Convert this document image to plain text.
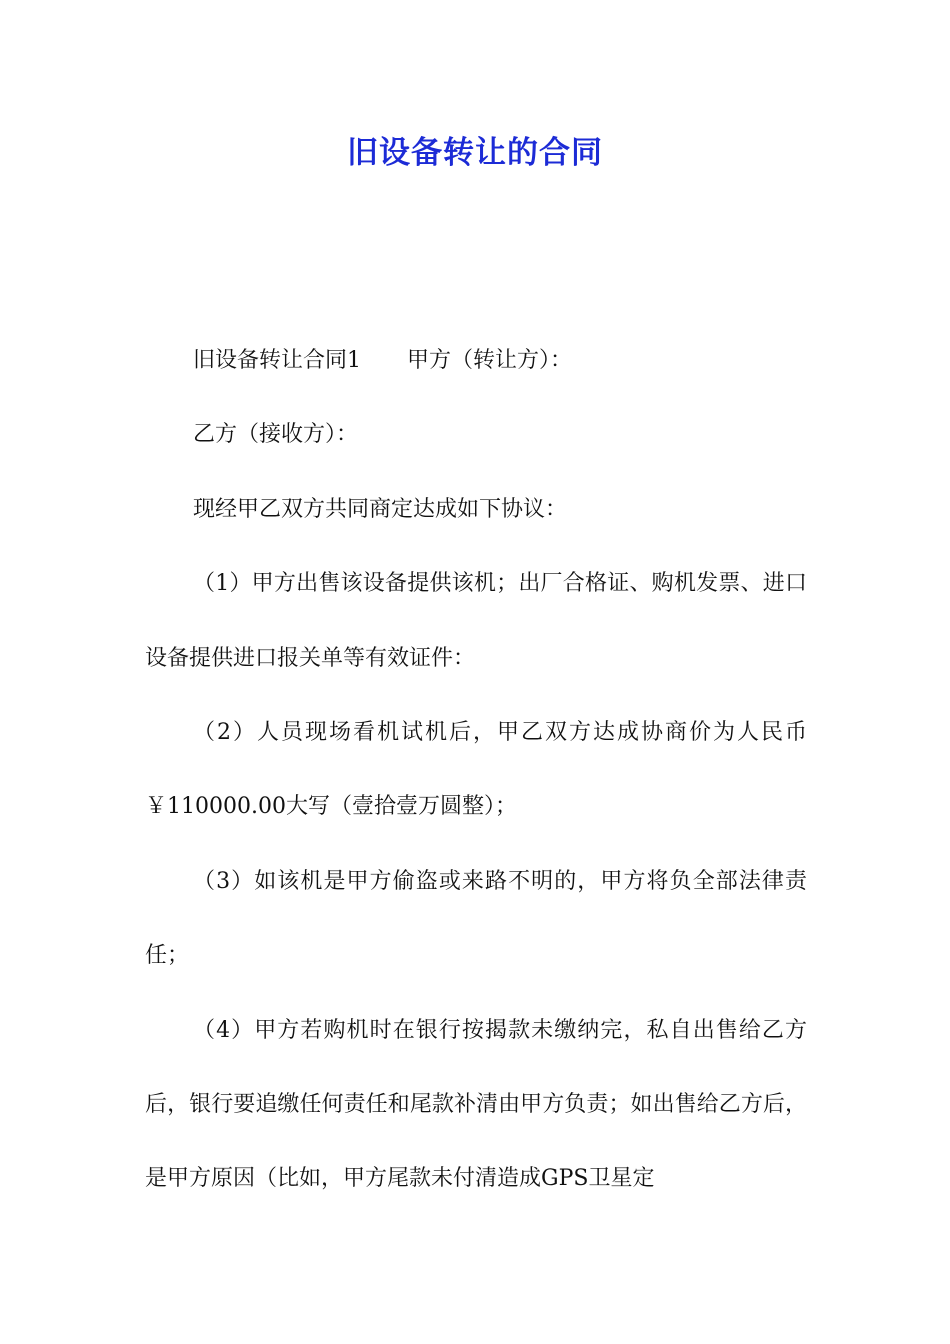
旧设备转让的合同

旧设备转让合同1 甲方（转让方）：

乙方（接收方）：

现经甲乙双方共同商定达成如下协议：

（1）甲方出售该设备提供该机；出厂合格证、购机发票、进口设备提供进口报关单等有效证件：

（2）人员现场看机试机后，甲乙双方达成协商价为人民币￥110000.00大写（壹拾壹万圆整）；

（3）如该机是甲方偷盗或来路不明的，甲方将负全部法律责任；

（4）甲方若购机时在银行按揭款未缴纳完，私自出售给乙方后，银行要追缴任何责任和尾款补清由甲方负责；如出售给乙方后，是甲方原因（比如，甲方尾款未付清造成GPS卫星定
